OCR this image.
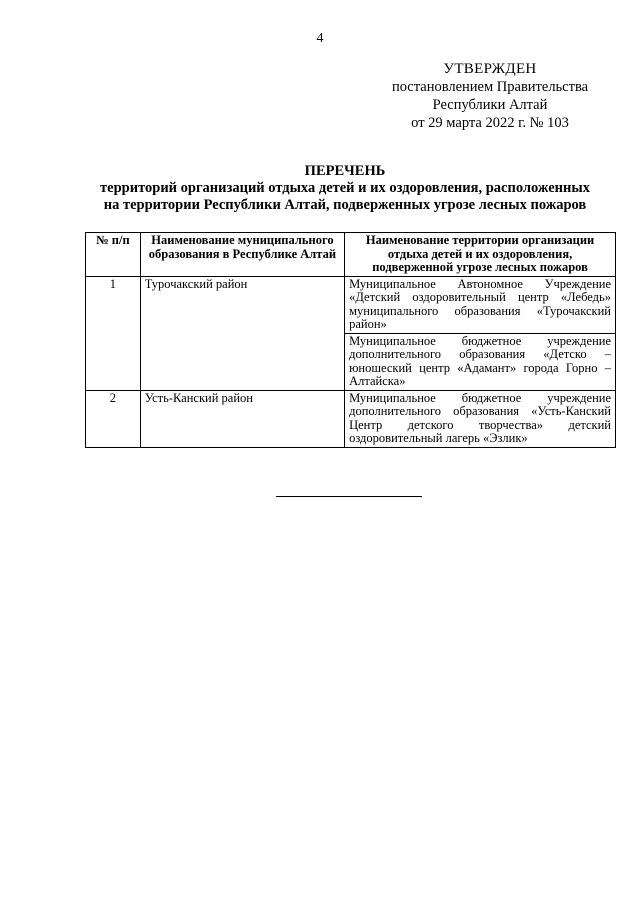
4
УТВЕРЖДЕН
постановлением Правительства
Республики Алтай
от 29 марта 2022 г. № 103
ПЕРЕЧЕНЬ
территорий организаций отдыха детей и их оздоровления, расположенных
на территории Республики Алтай, подверженных угрозе лесных пожаров
№ п/п	Наименование муниципального образования в Республике Алтай	Наименование территории организации отдыха детей и их оздоровления, подверженной угрозе лесных пожаров
1	Турочакский район	Муниципальное Автономное Учреждение «Детский оздоровительный центр «Лебедь» муниципального образования «Турочакский район»
		Муниципальное бюджетное учреждение дополнительного образования «Детско – юношеский центр «Адамант» города Горно – Алтайска»
2	Усть-Канский район	Муниципальное бюджетное учреждение дополнительного образования «Усть-Канский Центр детского творчества» детский оздоровительный лагерь «Эзлик»
